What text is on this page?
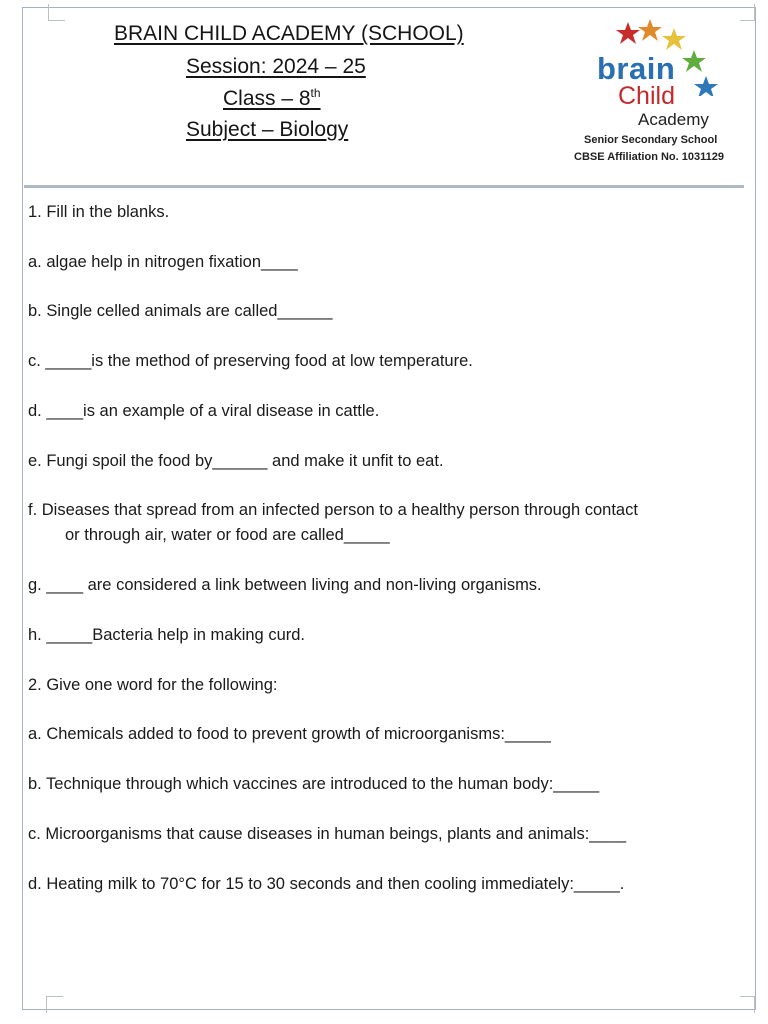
BRAIN CHILD ACADEMY (SCHOOL)
Session: 2024 – 25
Class – 8th
Subject – Biology
brain
Child
Academy
Senior Secondary School
CBSE Affiliation No. 1031129
1. Fill in the blanks.
a. algae help in nitrogen fixation____
b. Single celled animals are called______
c. _____is the method of preserving food at low temperature.
d. ____is an example of a viral disease in cattle.
e. Fungi spoil the food by______ and make it unfit to eat.
f. Diseases that spread from an infected person to a healthy person through contact
or through air, water or food are called_____
g. ____ are considered a link between living and non-living organisms.
h. _____Bacteria help in making curd.
2. Give one word for the following:
a. Chemicals added to food to prevent growth of microorganisms:_____
b. Technique through which vaccines are introduced to the human body:_____
c. Microorganisms that cause diseases in human beings, plants and animals:____
d. Heating milk to 70°C for 15 to 30 seconds and then cooling immediately:_____.
